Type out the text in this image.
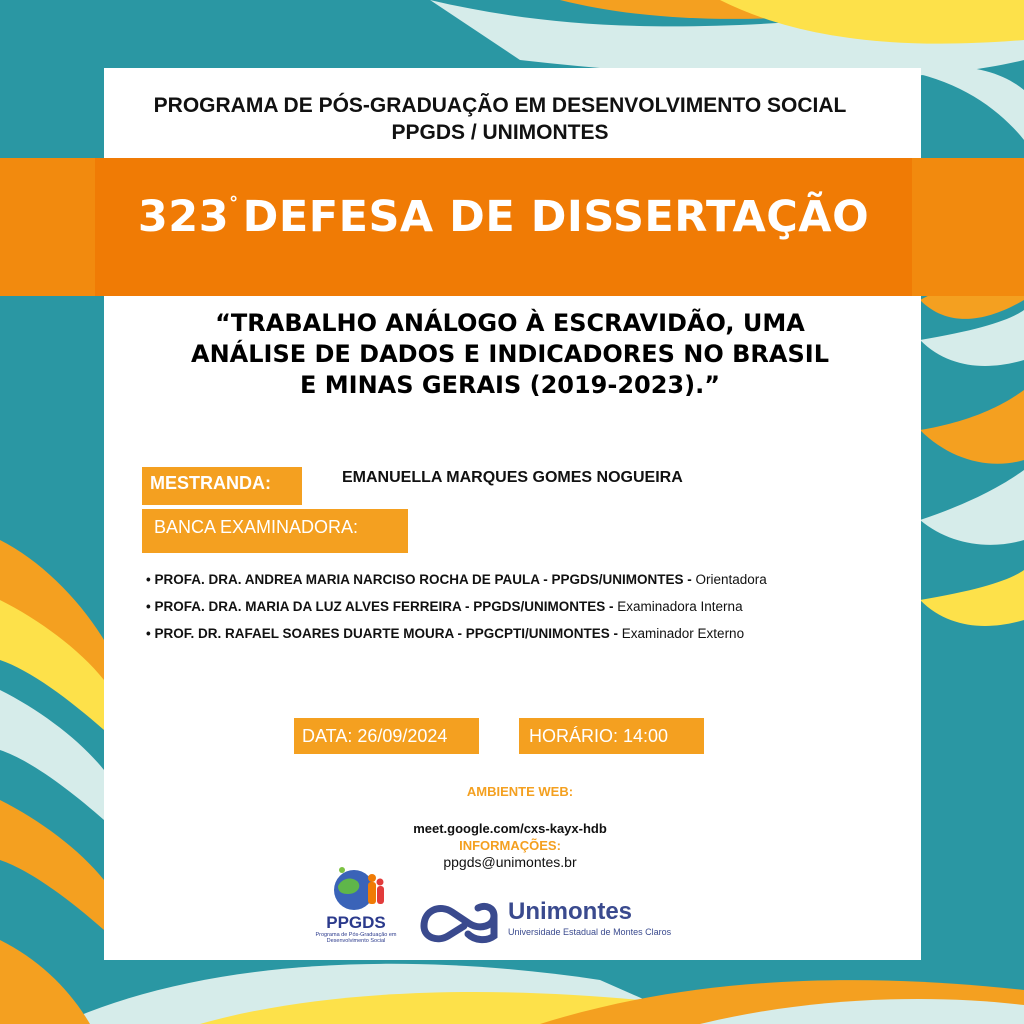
PROGRAMA DE PÓS-GRADUAÇÃO EM DESENVOLVIMENTO SOCIAL
PPGDS / UNIMONTES
323°DEFESA DE DISSERTAÇÃO
“TRABALHO ANÁLOGO À ESCRAVIDÃO, UMA
ANÁLISE DE DADOS E INDICADORES NO BRASIL
E MINAS GERAIS (2019-2023).”
MESTRANDA:	EMANUELLA MARQUES GOMES NOGUEIRA
BANCA EXAMINADORA:
• PROFA. DRA. ANDREA MARIA NARCISO ROCHA DE PAULA - PPGDS/UNIMONTES - Orientadora
• PROFA. DRA. MARIA DA LUZ ALVES FERREIRA - PPGDS/UNIMONTES - Examinadora Interna
• PROF. DR. RAFAEL SOARES DUARTE MOURA - PPGCPTI/UNIMONTES - Examinador Externo
DATA: 26/09/2024	HORÁRIO: 14:00
AMBIENTE WEB:
meet.google.com/cxs-kayx-hdb
INFORMAÇÕES:
ppgds@unimontes.br
PPGDS
Programa de Pós-Graduação em
Desenvolvimento Social
Unimontes
Universidade Estadual de Montes Claros
